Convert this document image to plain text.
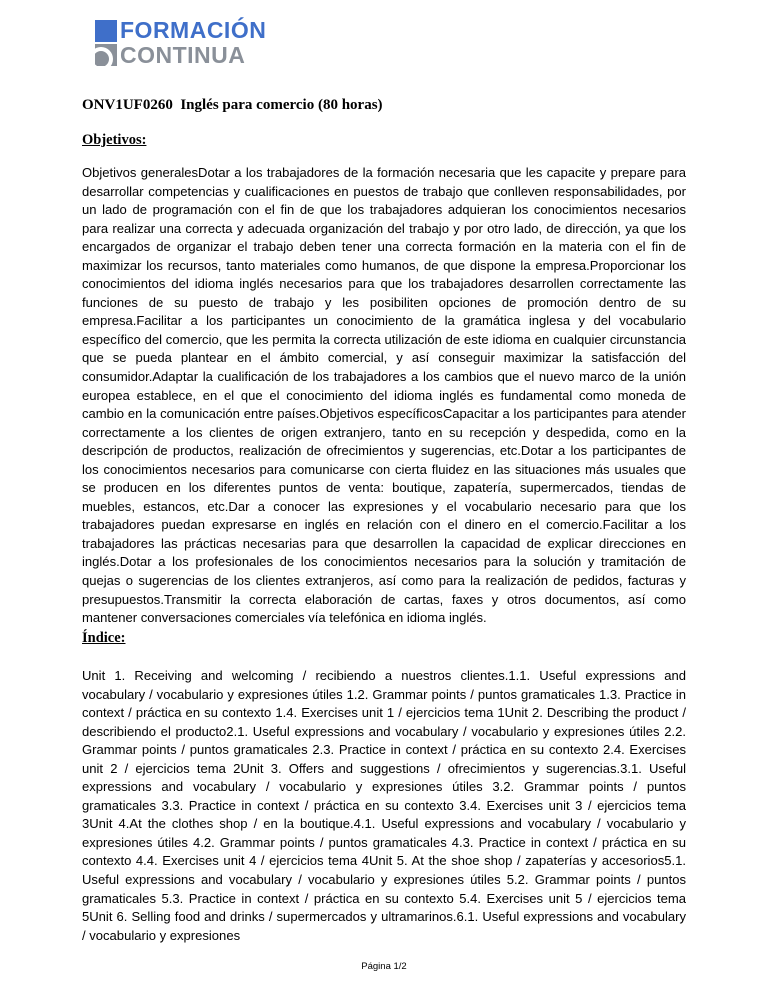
FORMACIÓN
CONTINUA
ONV1UF0260  Inglés para comercio (80 horas)
Objetivos:

Objetivos generalesDotar a los trabajadores de la formación necesaria que les capacite y prepare para desarrollar competencias y cualificaciones en puestos de trabajo que conlleven responsabilidades, por un lado de programación con el fin de que los trabajadores adquieran los conocimientos necesarios para realizar una correcta y adecuada organización del trabajo y por otro lado, de dirección, ya que los encargados de organizar el trabajo deben tener una correcta formación en la materia con el fin de maximizar los recursos, tanto materiales como humanos, de que dispone la empresa.Proporcionar los conocimientos del idioma inglés necesarios para que los trabajadores desarrollen correctamente las funciones de su puesto de trabajo y les posibiliten opciones de promoción dentro de su empresa.Facilitar a los participantes un conocimiento de la gramática inglesa y del vocabulario específico del comercio, que les permita la correcta utilización de este idioma en cualquier circunstancia que se pueda plantear en el ámbito comercial, y así conseguir maximizar la satisfacción del consumidor.Adaptar la cualificación de los trabajadores a los cambios que el nuevo marco de la unión europea establece, en el que el conocimiento del idioma inglés es fundamental como moneda de cambio en la comunicación entre países.Objetivos específicosCapacitar a los participantes para atender correctamente a los clientes de origen extranjero, tanto en su recepción y despedida, como en la descripción de productos, realización de ofrecimientos y sugerencias, etc.Dotar a los participantes de los conocimientos necesarios para comunicarse con cierta fluidez en las situaciones más usuales que se producen en los diferentes puntos de venta: boutique, zapatería, supermercados, tiendas de muebles, estancos, etc.Dar a conocer las expresiones y el vocabulario necesario para que los trabajadores puedan expresarse en inglés en relación con el dinero en el comercio.Facilitar a los trabajadores las prácticas necesarias para que desarrollen la capacidad de explicar direcciones en inglés.Dotar a los profesionales de los conocimientos necesarios para la solución y tramitación de quejas o sugerencias de los clientes extranjeros, así como para la realización de pedidos, facturas y presupuestos.Transmitir la correcta elaboración de cartas, faxes y otros documentos, así como mantener conversaciones comerciales vía telefónica en idioma inglés.

Índice:

Unit 1. Receiving and welcoming / recibiendo a nuestros clientes.1.1. Useful expressions and vocabulary / vocabulario y expresiones útiles 1.2. Grammar points / puntos gramaticales 1.3. Practice in context / práctica en su contexto 1.4. Exercises unit 1 / ejercicios tema 1Unit 2. Describing the product / describiendo el producto2.1. Useful expressions and vocabulary / vocabulario y expresiones útiles 2.2. Grammar points / puntos gramaticales 2.3. Practice in context / práctica en su contexto 2.4. Exercises unit 2 / ejercicios tema 2Unit 3. Offers and suggestions / ofrecimientos y sugerencias.3.1. Useful expressions and vocabulary / vocabulario y expresiones útiles 3.2. Grammar points / puntos gramaticales 3.3. Practice in context / práctica en su contexto 3.4. Exercises unit 3 / ejercicios tema 3Unit 4.At the clothes shop / en la boutique.4.1. Useful expressions and vocabulary / vocabulario y expresiones útiles 4.2. Grammar points / puntos gramaticales 4.3. Practice in context / práctica en su contexto 4.4. Exercises unit 4 / ejercicios tema 4Unit 5. At the shoe shop / zapaterías y accesorios5.1. Useful expressions and vocabulary / vocabulario y expresiones útiles 5.2. Grammar points / puntos gramaticales 5.3. Practice in context / práctica en su contexto 5.4. Exercises unit 5 / ejercicios tema 5Unit 6. Selling food and drinks / supermercados y ultramarinos.6.1. Useful expressions and vocabulary / vocabulario y expresiones

Página 1/2
